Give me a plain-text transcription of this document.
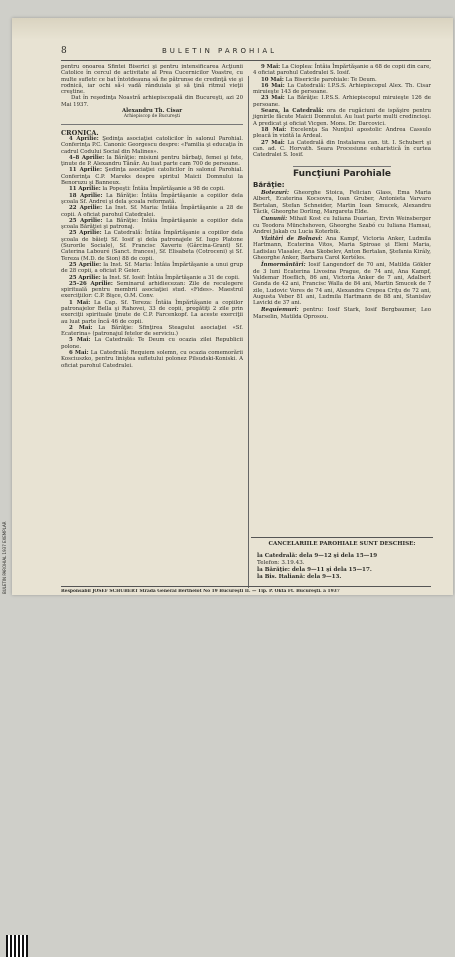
8	BULETIN PAROHIAL

pentru onoarea Sfintei Biserici şi pentru intensificarea Acţiunii Catolice în cercul de activitate al Prea Cucernicilor Voastre, cu multe sufletc ce bat întotdeauna să fie pătrunse de credinţă vie şi rodnică, iar ochi să-i vadă rânduiala şi să ţină ritmul vieţii creştine.

Dat în reşedinţa Noastră arhiepiscopală din Bucureşti, azi 20 Mai 1937.

Alexandru Th. Cisar

Arhiepiscop de Bucureşti

CRONICA.

4 Aprilie: Şedinţa asociaţiei catolicilor în salonul Parohial. Conferinţa P.C. Canonic Georgescu despre: «Familia şi educaţia în cadrul Codului Social din Malines».

4–8 Aprilie: la Bărăţie: misiuni pentru bărbaţi, femei şi fete, ţinute de P. Alexandru Tănăr. Au luat parte cam 700 de persoane.

11 Aprilie: Şedinţa asociaţiei catolicilor în salonul Parohial. Conferinţa C.P. Mareks despre spiritul Maicii Domnului la Benoruzu şi Banneux.

11 Aprilie: la Popeşti: Întâia Împărtăşanie a 98 de copii.

18 Aprilie: La Bărăţie: Întâia Împărtăşanie a copiilor dela şcoala Sf. Andrei şi dela şcoala reformată.

22 Aprilie: La Inst. Sf. Maria: Întâia Împărtăşanie a 28 de copii. A oficiat parohul Catedralei.

25 Aprilie: La Bărăţie: Întâia Împărtăşanie a copiilor dela şcoala Bărăţiei şi patronaj.

25 Aprilie: La Catedrală: Întâia Împărtăşanie a copiilor dela şcoala de băieţi Sf. Iosif şi dela patronajele Sf. Iugo Platone (Surorile Sociale), Sf. Francisc Xaveriu (Gârcina-Grant) Sf. Caterina Labouré (Sanct. frances), Sf. Elisabeta (Cotroceni) şi Sf. Tereza (M.D. de Sion) 88 de copii.

25 Aprilie: la Inst. Sf. Maria: Întâia Împărtăşanie a unui grup de 28 copii, a oficiat P. Geier.

25 Aprilie: la Inst. Sf. Iosif: Întâia Împărtăşanie a 31 de copii.

25–26 Aprilie: Seminarul arhidiecezan: Zile de reculegere spirituală pentru membrii asociaţiei stud. «Fides». Maestrul exerciţiilor: C.P. Bişce, O.M. Conv.

1 Mai: La Cap. Sf. Tereza: Întâia Împărtăşanie a copiilor patronajelor Bella şi Rahovei, 33 de copii, pregătiţi 2 zile prin exerciţii spirituale ţinute de C.P. Farcenkopf. La aceste exerciţii au luat parte încă 46 de copii.

2 Mai: La Bărăţie: Sfinţirea Steagului asociaţiei «Sf. Ecaterina» (patronajul fetelor de serviciu.)

5 Mai: La Catedrală: Te Deum cu ocazia zilei Republicii polone.

6 Mai: La Catedrală: Requiem solemn, cu ocazia comemorării Kosciuszko, pentru liniştea sufletului polonez Pilsudski-Koniski. A oficiat parohul Catedralei.

9 Mai: La Cioplea: Întâia Împărtăşanie a 68 de copii din care, 4 oficiat parohul Catedralei S. Iosif.

10 Mai: La Bisericile parohiale: Te Deum.

16 Mai: La Catedrală: I.P.S.S. Arhiepiscopul Alex. Th. Cisar miruieşte 143 de persoane.

23 Mai: La Bărăţie: I.P.S.S. Arhiepiscopul miruieşte 126 de persoane.

Seara, la Catedrală: ora de rugăciuni de ispăşire pentru jignirile făcute Maicii Domnului. Au luat parte multi credincioşi. A predicat şi oficiat Vicgen. Mons. Dr. Darcovici.

18 Mai: Excelenţa Sa Nunţiul apostolic Andrea Cassulo pleacă în vizită la Ardeal.

27 Mai: La Catedrală din Instalarea can. tit. I. Schubert şi can. ad. C. Horvath. Seara Procesiune euharistică în curtea Catedralei S. Iosif.

Funcţiuni Parohiale

Bărăţie:

Botezuri: Gheorghe Stoica, Felician Glass, Ema Maria Albert, Ecaterina Kocsovra, Ioan Gruber, Antonieta Varvaro Bertalan, Stefan Schneider, Martin Ioan Smucek, Alexandru Tăcik, Gheorghe Dorling, Margareta Elde.

Cununii: Mihail Kost cu Iuliana Duarian, Ervin Weinsberger cu Teodora Münchshoven, Gheorghe Szabó cu Iuliana Hamsai, Andrei Jakab cu Lucia Koterbik.

Vizitări de Bolnavi: Ana Kampf, Victoria Anker, Ludmila Hartmann, Ecaterina Vitos, Maria Spiroae şi Eleni Maria, Ladislau Vlasalec, Ana Skobelev, Anton Bertalan, Ştefania Király, Gheorghe Anker, Barbara Carol Kertéles.

Înmormântări: Iosif Langendorf de 70 ani, Matilda Gökler de 3 luni Ecaterina Livosina Prague, de 74 ani, Ana Kampf, Valdemar Hoeflich, 86 ani, Victoria Anker de 7 ani, Adalbert Gunda de 42 ani, Francisc Walla de 84 ani, Martin Smucek de 7 zile, Ludovic Vores de 74 ani, Alexandra Crepea Criţu de 72 ani, Augusta Veber 81 ani, Ludmila Hartmann de 88 ani, Stanislav Lavicki de 37 ani.

Requiemuri: pentru: Iosif Stark, Iosif Bergbaumer, Leo Marselin, Matilda Oprosou.

CANCELARIILE PAROHIALE SUNT DESCHISE:

la Catedrală: dela 9—12 şi dela 15—19
Telefon: 3.19.43.
la Bărăţie: dela 9—11 şi dela 15—17.
la Bis. Italiană: dela 9—13.
Responsabil JOSEF SCHUBERT Strada General Berthelot No 19 Bucureşti II. — Tip. P. Oktă Ft. Bucureşti. a 1937
BULETIN PAROHIAL 1937 EXEMPLAR
